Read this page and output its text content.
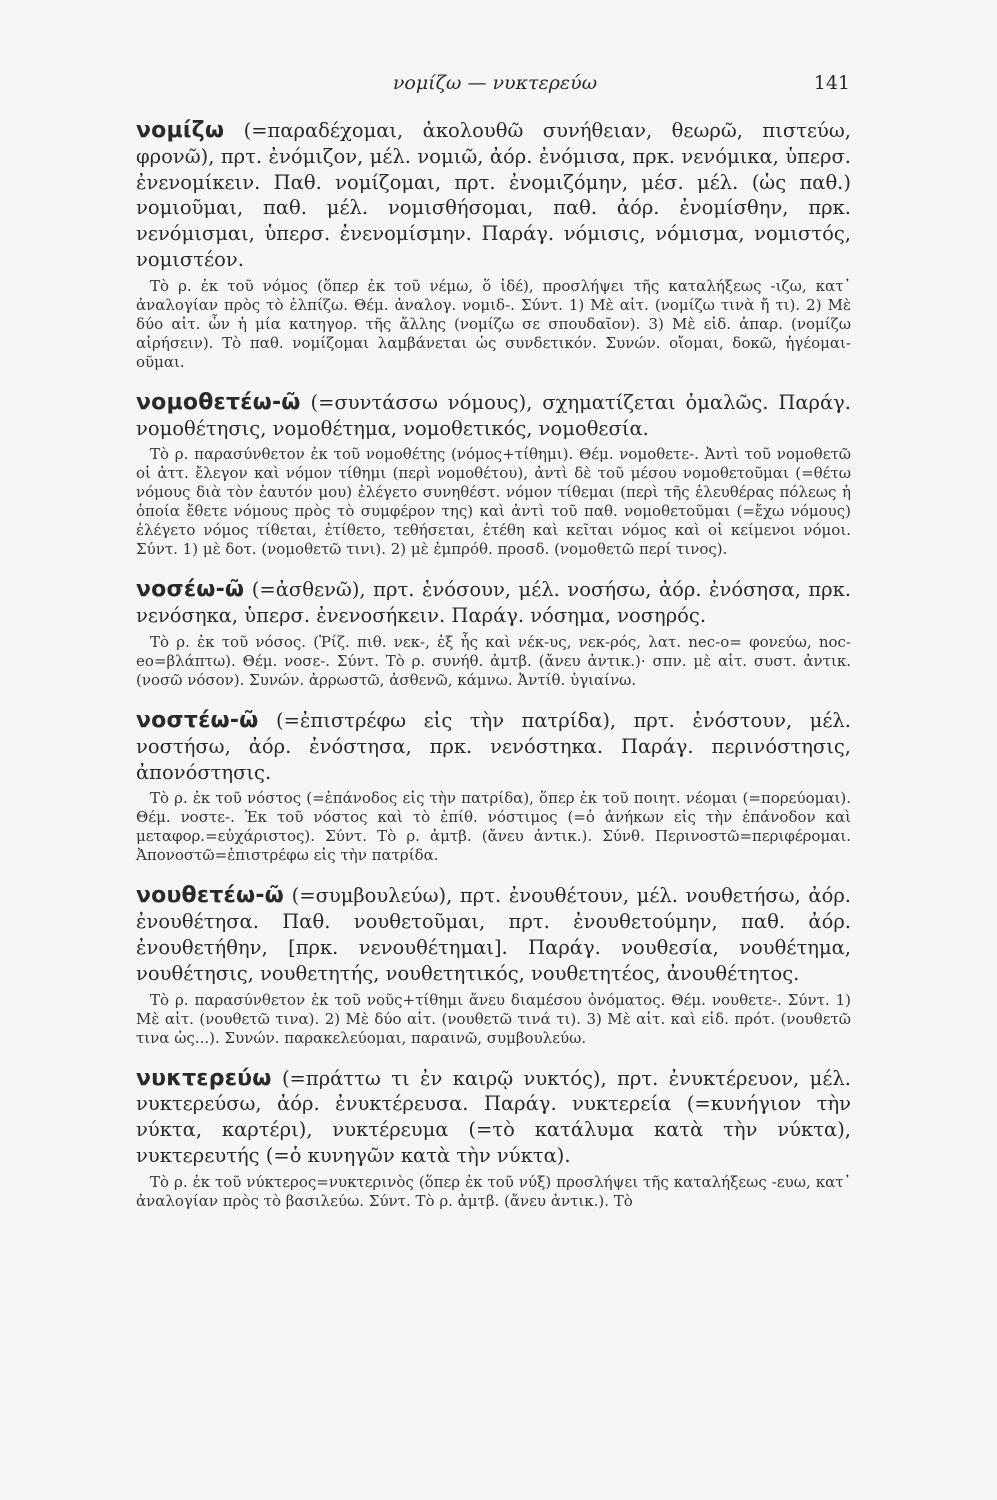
νομίζω — νυκτερεύω	141

νομίζω (=παραδέχομαι, ἀκολουθῶ συνήθειαν, θεωρῶ, πιστεύω, φρονῶ), πρτ. ἐνόμιζον, μέλ. νομιῶ, ἀόρ. ἐνόμισα, πρκ. νενόμικα, ὑπερσ. ἐνενομίκειν. Παθ. νομίζομαι, πρτ. ἐνομιζόμην, μέσ. μέλ. (ὡς παθ.) νομιοῦμαι, παθ. μέλ. νομισθήσομαι, παθ. ἀόρ. ἐνομίσθην, πρκ. νενόμισμαι, ὑπερσ. ἐνενομίσμην. Παράγ. νόμισις, νόμισμα, νομιστός, νομιστέον.

Τὸ ρ. ἐκ τοῦ νόμος (ὅπερ ἐκ τοῦ νέμω, ὅ ἰδέ), προσλήψει τῆς καταλήξεως -ιζω, κατ᾽ ἀναλογίαν πρὸς τὸ ἐλπίζω. Θέμ. ἀναλογ. νομιδ-. Σύντ. 1) Μὲ αἰτ. (νομίζω τινὰ ἤ τι). 2) Μὲ δύο αἰτ. ὧν ἡ μία κατηγορ. τῆς ἄλλης (νομίζω σε σπουδαῖον). 3) Μὲ εἰδ. ἀπαρ. (νομίζω αἱρήσειν). Τὸ παθ. νομίζομαι λαμβάνεται ὡς συνδετικόν. Συνών. οἴομαι, δοκῶ, ἡγέομαι-οῦμαι.

νομοθετέω-ῶ (=συντάσσω νόμους), σχηματίζεται ὁμαλῶς. Παράγ. νομοθέτησις, νομοθέτημα, νομοθετικός, νομοθεσία.

Τὸ ρ. παρασύνθετον ἐκ τοῦ νομοθέτης (νόμος+τίθημι). Θέμ. νομοθετε-. Ἀντὶ τοῦ νομοθετῶ οἱ ἀττ. ἔλεγον καὶ νόμον τίθημι (περὶ νομοθέτου), ἀντὶ δὲ τοῦ μέσου νομοθετοῦμαι (=θέτω νόμους διὰ τὸν ἑαυτόν μου) ἐλέγετο συνηθέστ. νόμον τίθεμαι (περὶ τῆς ἐλευθέρας πόλεως ἡ ὁποία ἔθετε νόμους πρὸς τὸ συμφέρον της) καὶ ἀντὶ τοῦ παθ. νομοθετοῦμαι (=ἔχω νόμους) ἐλέγετο νόμος τίθεται, ἐτίθετο, τεθήσεται, ἐτέθη καὶ κεῖται νόμος καὶ οἱ κείμενοι νόμοι. Σύντ. 1) μὲ δοτ. (νομοθετῶ τινι). 2) μὲ ἐμπρόθ. προσδ. (νομοθετῶ περί τινος).

νοσέω-ῶ (=ἀσθενῶ), πρτ. ἐνόσουν, μέλ. νοσήσω, ἀόρ. ἐνόσησα, πρκ. νενόσηκα, ὑπερσ. ἐνενοσήκειν. Παράγ. νόσημα, νοσηρός.

Τὸ ρ. ἐκ τοῦ νόσος. (Ῥίζ. πιθ. νεκ-, ἐξ ἧς καὶ νέκ-υς, νεκ-ρός, λατ. nec-o= φονεύω, noc-eo=βλάπτω). Θέμ. νοσε-. Σύντ. Τὸ ρ. συνήθ. ἀμτβ. (ἄνευ ἀντικ.)· σπν. μὲ αἰτ. συστ. ἀντικ. (νοσῶ νόσον). Συνών. ἀρρωστῶ, ἀσθενῶ, κάμνω. Ἀντίθ. ὑγιαίνω.

νοστέω-ῶ (=ἐπιστρέφω εἰς τὴν πατρίδα), πρτ. ἐνόστουν, μέλ. νοστήσω, ἀόρ. ἐνόστησα, πρκ. νενόστηκα. Παράγ. περινόστησις, ἀπονόστησις.

Τὸ ρ. ἐκ τοῦ νόστος (=ἐπάνοδος εἰς τὴν πατρίδα), ὅπερ ἐκ τοῦ ποιητ. νέομαι (=πορεύομαι). Θέμ. νοστε-. Ἐκ τοῦ νόστος καὶ τὸ ἐπίθ. νόστιμος (=ὁ ἀνήκων εἰς τὴν ἐπάνοδον καὶ μεταφορ.=εὐχάριστος). Σύντ. Τὸ ρ. ἀμτβ. (ἄνευ ἀντικ.). Σύνθ. Περινοστῶ=περιφέρομαι. Ἀπονοστῶ=ἐπιστρέφω εἰς τὴν πατρίδα.

νουθετέω-ῶ (=συμβουλεύω), πρτ. ἐνουθέτουν, μέλ. νουθετήσω, ἀόρ. ἐνουθέτησα. Παθ. νουθετοῦμαι, πρτ. ἐνουθετούμην, παθ. ἀόρ. ἐνουθετήθην, [πρκ. νενουθέτημαι]. Παράγ. νουθεσία, νουθέτημα, νουθέτησις, νουθετητής, νουθετητικός, νουθετητέος, ἀνουθέτητος.

Τὸ ρ. παρασύνθετον ἐκ τοῦ νοῦς+τίθημι ἄνευ διαμέσου ὀνόματος. Θέμ. νουθετε-. Σύντ. 1) Μὲ αἰτ. (νουθετῶ τινα). 2) Μὲ δύο αἰτ. (νουθετῶ τινά τι). 3) Μὲ αἰτ. καὶ εἰδ. πρότ. (νουθετῶ τινα ὡς...). Συνών. παρακελεύομαι, παραινῶ, συμβουλεύω.

νυκτερεύω (=πράττω τι ἐν καιρῷ νυκτός), πρτ. ἐνυκτέρευον, μέλ. νυκτερεύσω, ἀόρ. ἐνυκτέρευσα. Παράγ. νυκτερεία (=κυνήγιον τὴν νύκτα, καρτέρι), νυκτέρευμα (=τὸ κατάλυμα κατὰ τὴν νύκτα), νυκτερευτής (=ὁ κυνηγῶν κατὰ τὴν νύκτα).

Τὸ ρ. ἐκ τοῦ νύκτερος=νυκτερινὸς (ὅπερ ἐκ τοῦ νύξ) προσλήψει τῆς καταλήξεως -ευω, κατ᾽ ἀναλογίαν πρὸς τὸ βασιλεύω. Σύντ. Τὸ ρ. ἀμτβ. (ἄνευ ἀντικ.). Τὸ
